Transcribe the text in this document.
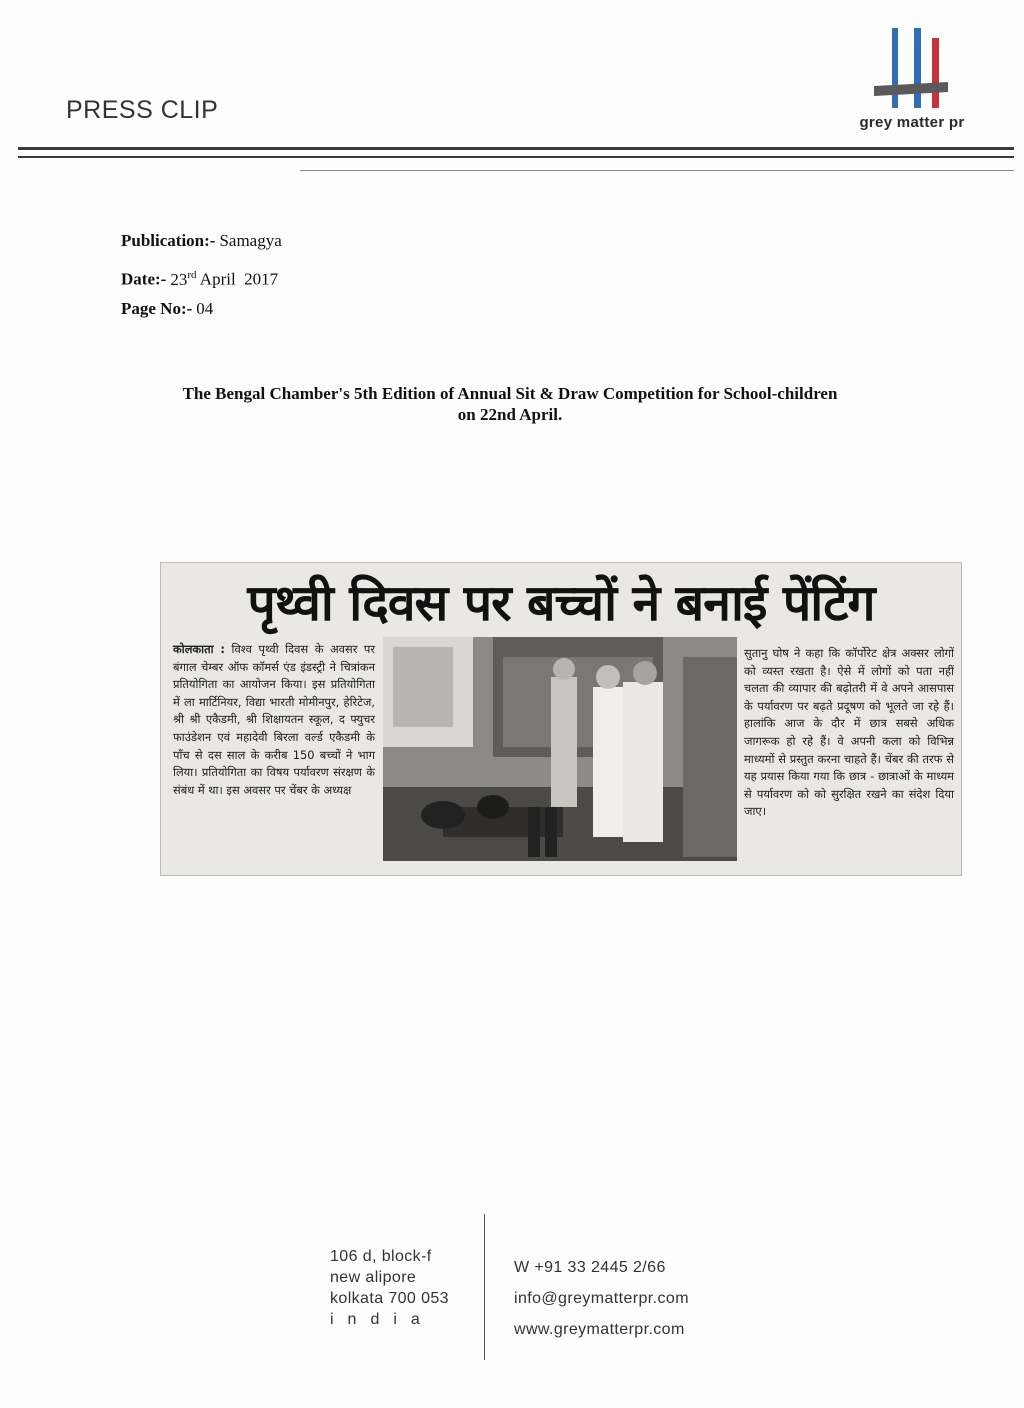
PRESS CLIP	grey matter pr
Publication:- Samagya
Date:- 23rd April  2017
Page No:- 04
The Bengal Chamber's 5th Edition of Annual Sit & Draw Competition for School-children
on 22nd April.
पृथ्वी दिवस पर बच्चों ने बनाई पेंटिंग
कोलकाता : विश्व पृथ्वी दिवस के अवसर पर बंगाल चेम्बर ऑफ कॉमर्स एंड इंडस्ट्री ने चित्रांकन प्रतियोगिता का आयोजन किया। इस प्रतियोगिता में ला मार्टिनियर, विद्या भारती मोमीनपुर, हेरिटेज, श्री श्री एकैडमी, श्री शिक्षायतन स्कूल, द फ्युचर फाउंडेशन एवं महादेवी बिरला वर्ल्ड एकैडमी के पाँच से दस साल के करीब 150 बच्चों ने भाग लिया। प्रतियोगिता का विषय पर्यावरण संरक्षण के संबंध में था। इस अवसर पर चेंबर के अध्यक्ष
सुतानु घोष ने कहा कि कॉर्पोरेट क्षेत्र अक्सर लोगों को व्यस्त रखता है। ऐसे में लोगों को पता नहीं चलता की व्यापार की बढ़ोतरी में वे अपने आसपास के पर्यावरण पर बढ़ते प्रदूषण को भूलते जा रहे हैं। हालांकि आज के दौर में छात्र सबसे अधिक जागरूक हो रहे हैं। वे अपनी कला को विभिन्न माध्यमों से प्रस्तुत करना चाहते हैं। चेंबर की तरफ से यह प्रयास किया गया कि छात्र - छात्राओं के माध्यम से पर्यावरण को को सुरक्षित रखने का संदेश दिया जाए।
106 d, block-f
new alipore
kolkata 700 053
india
W +91 33 2445 2/66
info@greymatterpr.com
www.greymatterpr.com
